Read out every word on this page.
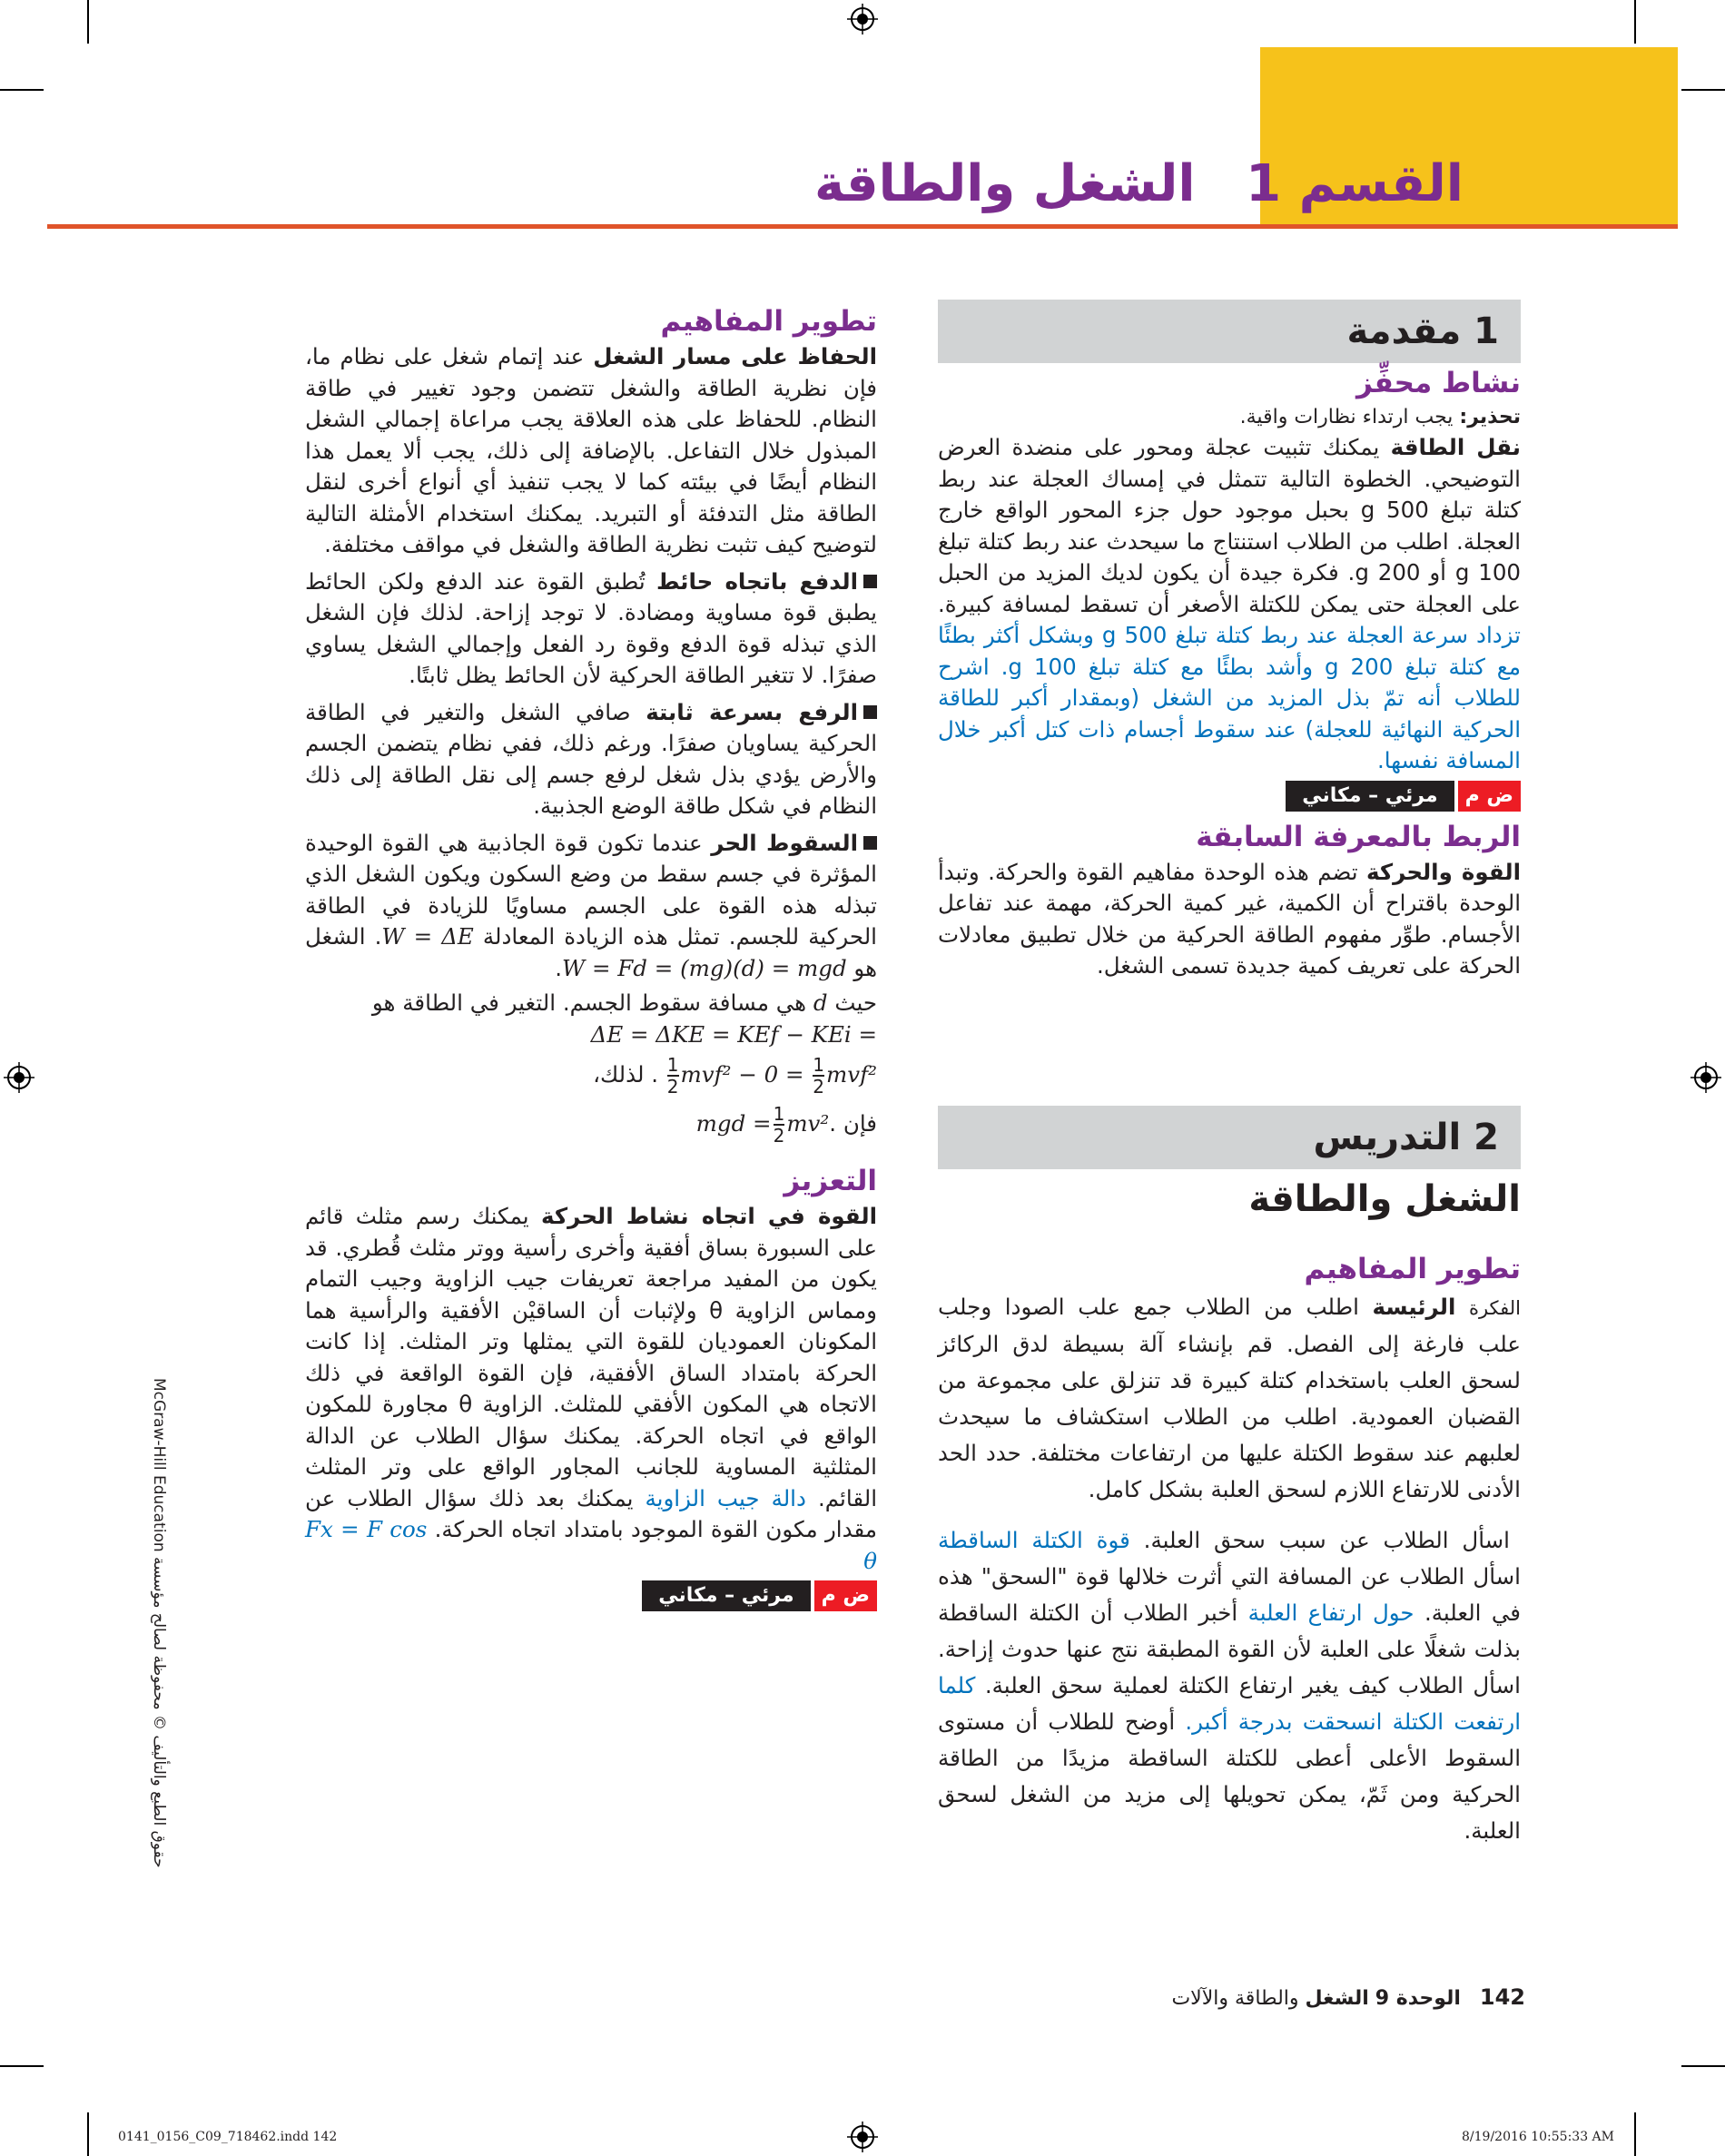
القسم 1 الشغل والطاقة
1 مقدمة
نشاط محفِّز

تحذير: يجب ارتداء نظارات واقية.

نقل الطاقة يمكنك تثبيت عجلة ومحور على منضدة العرض التوضيحي. الخطوة التالية تتمثل في إمساك العجلة عند ربط كتلة تبلغ 500 g بحبل موجود حول جزء المحور الواقع خارج العجلة. اطلب من الطلاب استنتاج ما سيحدث عند ربط كتلة تبلغ 100 g أو 200 g. فكرة جيدة أن يكون لديك المزيد من الحبل على العجلة حتى يمكن للكتلة الأصغر أن تسقط لمسافة كبيرة. تزداد سرعة العجلة عند ربط كتلة تبلغ 500 g وبشكل أكثر بطئًا مع كتلة تبلغ 200 g وأشد بطئًا مع كتلة تبلغ 100 g. اشرح للطلاب أنه تمّ بذل المزيد من الشغل (وبمقدار أكبر للطاقة الحركية النهائية للعجلة) عند سقوط أجسام ذات كتل أكبر خلال المسافة نفسها.

ض م
مرئي – مكاني
الربط بالمعرفة السابقة

القوة والحركة تضم هذه الوحدة مفاهيم القوة والحركة. وتبدأ الوحدة باقتراح أن الكمية، غير كمية الحركة، مهمة عند تفاعل الأجسام. طوِّر مفهوم الطاقة الحركية من خلال تطبيق معادلات الحركة على تعريف كمية جديدة تسمى الشغل.

2 التدريس
الشغل والطاقة
تطوير المفاهيم

الفكرة الرئيسة اطلب من الطلاب جمع علب الصودا وجلب علب فارغة إلى الفصل. قم بإنشاء آلة بسيطة لدق الركائز لسحق العلب باستخدام كتلة كبيرة قد تنزلق على مجموعة من القضبان العمودية. اطلب من الطلاب استكشاف ما سيحدث لعلبهم عند سقوط الكتلة عليها من ارتفاعات مختلفة. حدد الحد الأدنى للارتفاع اللازم لسحق العلبة بشكل كامل.

اسأل الطلاب عن سبب سحق العلبة. قوة الكتلة الساقطة اسأل الطلاب عن المسافة التي أثرت خلالها قوة "السحق" هذه في العلبة. حول ارتفاع العلبة أخبر الطلاب أن الكتلة الساقطة بذلت شغلًا على العلبة لأن القوة المطبقة نتج عنها حدوث إزاحة. اسأل الطلاب كيف يغير ارتفاع الكتلة لعملية سحق العلبة. كلما ارتفعت الكتلة انسحقت بدرجة أكبر. أوضح للطلاب أن مستوى السقوط الأعلى أعطى للكتلة الساقطة مزيدًا من الطاقة الحركية ومن ثَمّ، يمكن تحويلها إلى مزيد من الشغل لسحق العلبة.

تطوير المفاهيم

الحفاظ على مسار الشغل عند إتمام شغل على نظام ما، فإن نظرية الطاقة والشغل تتضمن وجود تغيير في طاقة النظام. للحفاظ على هذه العلاقة يجب مراعاة إجمالي الشغل المبذول خلال التفاعل. بالإضافة إلى ذلك، يجب ألا يعمل هذا النظام أيضًا في بيئته كما لا يجب تنفيذ أي أنواع أخرى لنقل الطاقة مثل التدفئة أو التبريد. يمكنك استخدام الأمثلة التالية لتوضيح كيف تثبت نظرية الطاقة والشغل في مواقف مختلفة.

الدفع باتجاه حائط تُطبق القوة عند الدفع ولكن الحائط يطبق قوة مساوية ومضادة. لا توجد إزاحة. لذلك فإن الشغل الذي تبذله قوة الدفع وقوة رد الفعل وإجمالي الشغل يساوي صفرًا. لا تتغير الطاقة الحركية لأن الحائط يظل ثابتًا.

الرفع بسرعة ثابتة صافي الشغل والتغير في الطاقة الحركية يساويان صفرًا. ورغم ذلك، ففي نظام يتضمن الجسم والأرض يؤدي بذل شغل لرفع جسم إلى نقل الطاقة إلى ذلك النظام في شكل طاقة الوضع الجذبية.

السقوط الحر عندما تكون قوة الجاذبية هي القوة الوحيدة المؤثرة في جسم سقط من وضع السكون ويكون الشغل الذي تبذله هذه القوة على الجسم مساويًا للزيادة في الطاقة الحركية للجسم. تمثل هذه الزيادة المعادلة W = ΔE. الشغل هو W = Fd = (mg)(d) = mgd.

حيث d هي مسافة سقوط الجسم. التغير في الطاقة هو

ΔE = ΔKE = KEf − KEi =

$\frac{1}{2} mvf^2 - 0 = \frac{1}{2} mvf^2$ . لذلك،

فإن mgd = $\frac{1}{2} mv^2$.

التعزيز

القوة في اتجاه نشاط الحركة يمكنك رسم مثلث قائم على السبورة بساق أفقية وأخرى رأسية ووتر مثلث قُطري. قد يكون من المفيد مراجعة تعريفات جيب الزاوية وجيب التمام ومماس الزاوية θ ولإثبات أن الساقيْن الأفقية والرأسية هما المكونان العموديان للقوة التي يمثلها وتر المثلث. إذا كانت الحركة بامتداد الساق الأفقية، فإن القوة الواقعة في ذلك الاتجاه هي المكون الأفقي للمثلث. الزاوية θ مجاورة للمكون الواقع في اتجاه الحركة. يمكنك سؤال الطلاب عن الدالة المثلثية المساوية للجانب المجاور الواقع على وتر المثلث القائم. دالة جيب الزاوية يمكنك بعد ذلك سؤال الطلاب عن مقدار مكون القوة الموجود بامتداد اتجاه الحركة. Fx = F cos θ

ض م
مرئي – مكاني
McGraw-Hill Education حقوق الطبع والتأليف © محفوظة لصالح مؤسسة
142 الوحدة 9 الشغل والطاقة والآلات
0141_0156_C09_718462.indd 142	8/19/2016 10:55:33 AM
